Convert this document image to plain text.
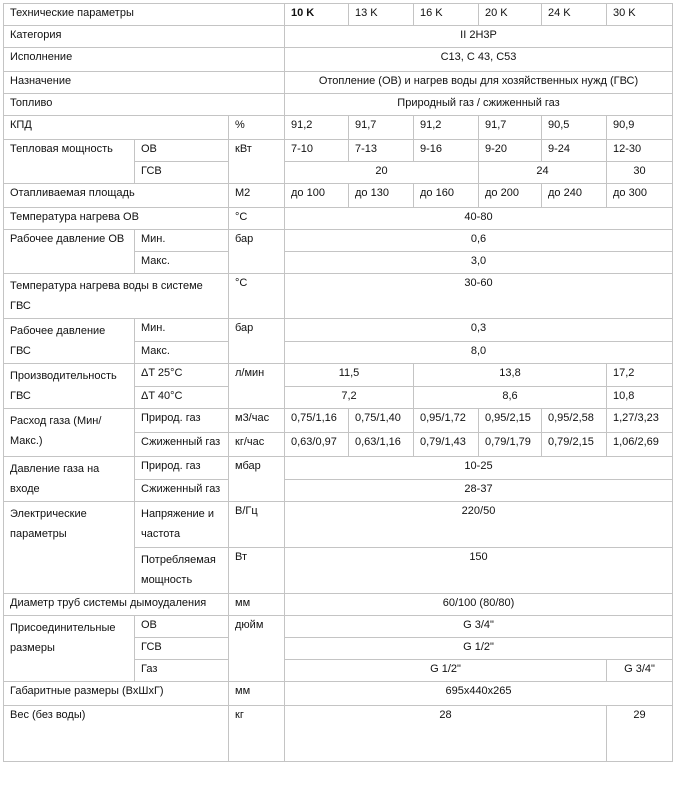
Технические параметры			10 K	13 K	16 K	20 K	24 K	30 K
Категория			II 2H3P					
Исполнение			C13, C 43, C53					
Назначение			Отопление (ОВ) и нагрев воды для хозяйственных нужд (ГВС)					
Топливо			Природный газ / сжиженный газ					
КПД		%	91,2	91,7	91,2	91,7	90,5	90,9
Тепловая мощность	ОВ	кВт	7-10	7-13	9-16	9-20	9-24	12-30
	ГСВ		20			24		30
Отапливаемая площадь		М2	до 100	до 130	до 160	до 200	до 240	до 300
Температура нагрева ОВ		°С	40-80					
Рабочее давление ОВ	Мин.	бар	0,6					
	Макс.		3,0					
Температура нагрева воды в системе ГВС		°С	30-60					
Рабочее давление ГВС	Мин.	бар	0,3					
	Макс.		8,0					
Производительность ГВС	ΔT 25°C	л/мин	11,5		13,8			17,2
	ΔT 40°C		7,2		8,6			10,8
Расход газа (Мин/Макс.)	Природ. газ	м3/час	0,75/1,16	0,75/1,40	0,95/1,72	0,95/2,15	0,95/2,58	1,27/3,23
	Сжиженный газ	кг/час	0,63/0,97	0,63/1,16	0,79/1,43	0,79/1,79	0,79/2,15	1,06/2,69
Давление газа на входе	Природ. газ	мбар	10-25					
	Сжиженный газ		28-37					
Электрические параметры	Напряжение и частота	В/Гц	220/50					
	Потребляемая мощность	Вт	150					
Диаметр труб системы дымоудаления		мм	60/100 (80/80)					
Присоединительные размеры	ОВ	дюйм	G 3/4"					
	ГСВ		G 1/2"					
	Газ		G 1/2"					G 3/4"
Габаритные размеры (ВхШхГ)		мм	695х440х265					
Вес (без воды)		кг	28					29
